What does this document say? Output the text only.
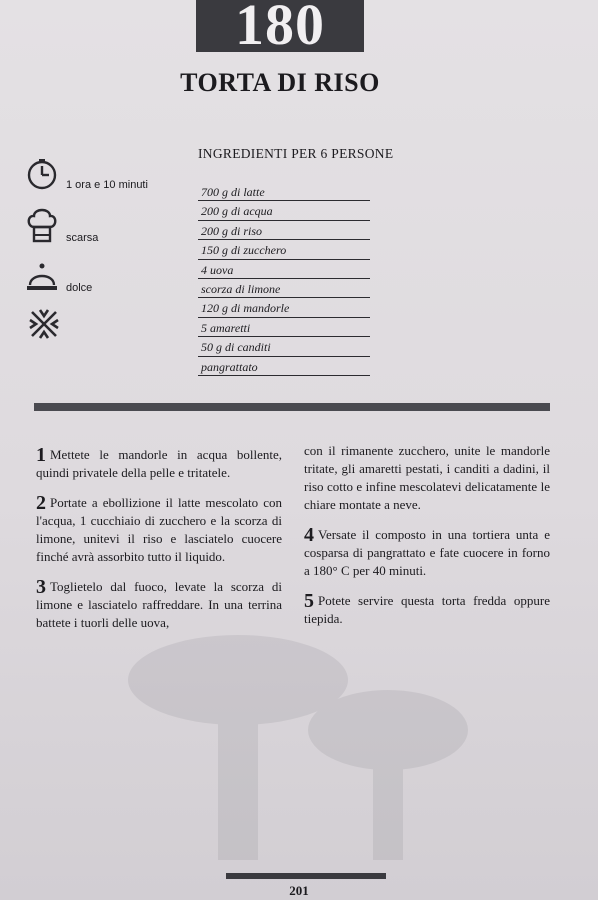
180
TORTA DI RISO
1 ora e 10 minuti
scarsa
dolce
INGREDIENTI PER 6 PERSONE
700 g di latte
200 g di acqua
200 g di riso
150 g di zucchero
4 uova
scorza di limone
120 g di mandorle
5 amaretti
50 g di canditi
pangrattato

1 Mettete le mandorle in acqua bollente, quindi privatele della pelle e tritatele.

2 Portate a ebollizione il latte mescolato con l'acqua, 1 cucchiaio di zucchero e la scorza di limone, unitevi il riso e lasciatelo cuocere finché avrà assorbito tutto il liquido.

3 Toglietelo dal fuoco, levate la scorza di limone e lasciatelo raffreddare. In una terrina battete i tuorli delle uova,

con il rimanente zucchero, unite le mandorle tritate, gli amaretti pestati, i canditi a dadini, il riso cotto e infine mescolatevi delicatamente le chiare montate a neve.

4 Versate il composto in una tortiera unta e cosparsa di pangrattato e fate cuocere in forno a 180° C per 40 minuti.

5 Potete servire questa torta fredda oppure tiepida.

201
